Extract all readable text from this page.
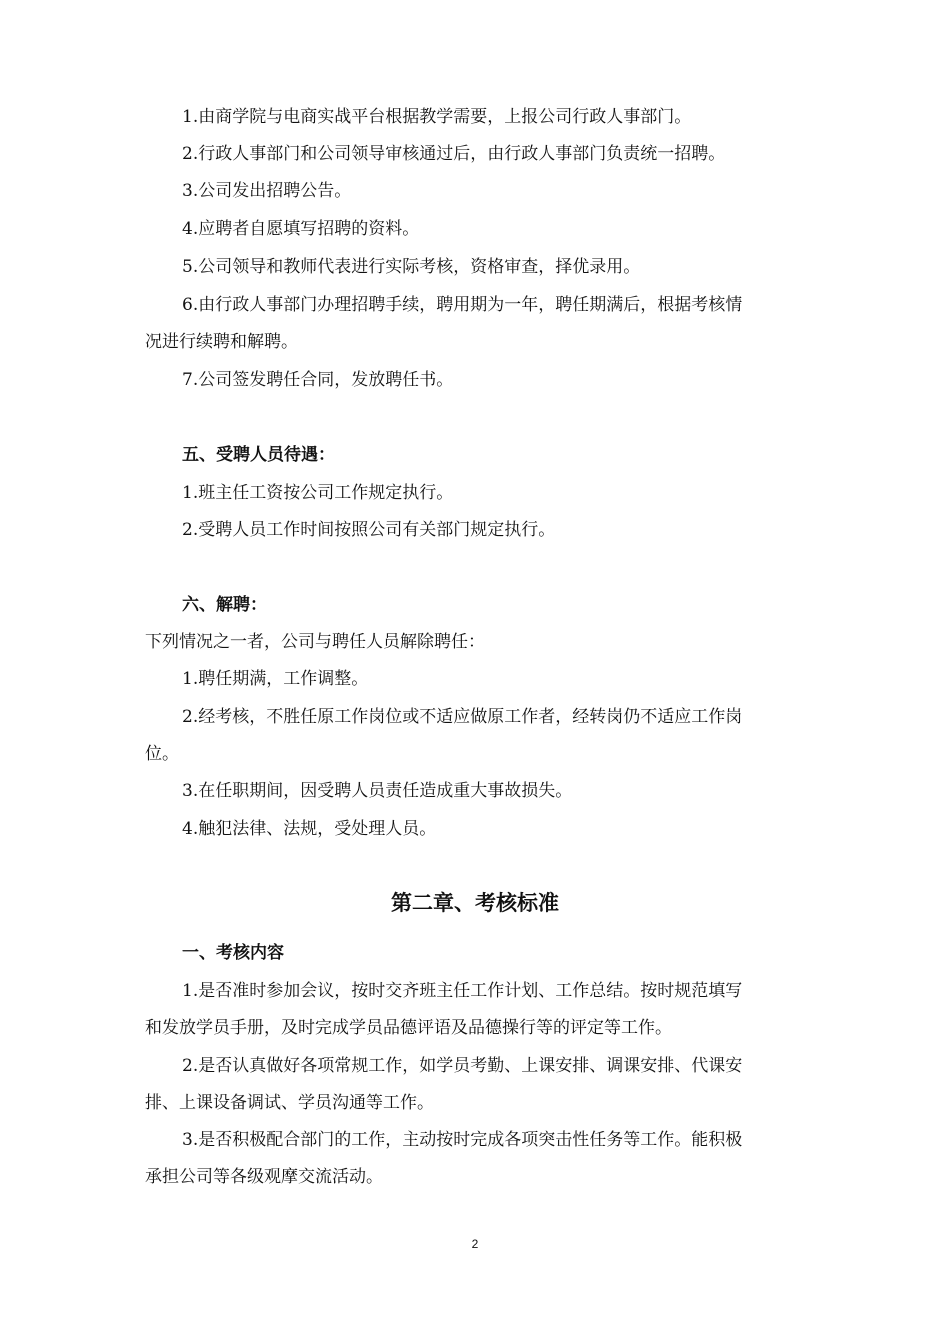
1.由商学院与电商实战平台根据教学需要，上报公司行政人事部门。
2.行政人事部门和公司领导审核通过后，由行政人事部门负责统一招聘。
3.公司发出招聘公告。
4.应聘者自愿填写招聘的资料。
5.公司领导和教师代表进行实际考核，资格审查，择优录用。
6.由行政人事部门办理招聘手续，聘用期为一年，聘任期满后，根据考核情
况进行续聘和解聘。
7.公司签发聘任合同，发放聘任书。
五、受聘人员待遇：
1.班主任工资按公司工作规定执行。
2.受聘人员工作时间按照公司有关部门规定执行。
六、解聘：
下列情况之一者，公司与聘任人员解除聘任：
1.聘任期满，工作调整。
2.经考核，不胜任原工作岗位或不适应做原工作者，经转岗仍不适应工作岗
位。
3.在任职期间，因受聘人员责任造成重大事故损失。
4.触犯法律、法规，受处理人员。
第二章、考核标准
一、考核内容
1.是否准时参加会议，按时交齐班主任工作计划、工作总结。按时规范填写
和发放学员手册，及时完成学员品德评语及品德操行等的评定等工作。
2.是否认真做好各项常规工作，如学员考勤、上课安排、调课安排、代课安
排、上课设备调试、学员沟通等工作。
3.是否积极配合部门的工作，主动按时完成各项突击性任务等工作。能积极
承担公司等各级观摩交流活动。
2
